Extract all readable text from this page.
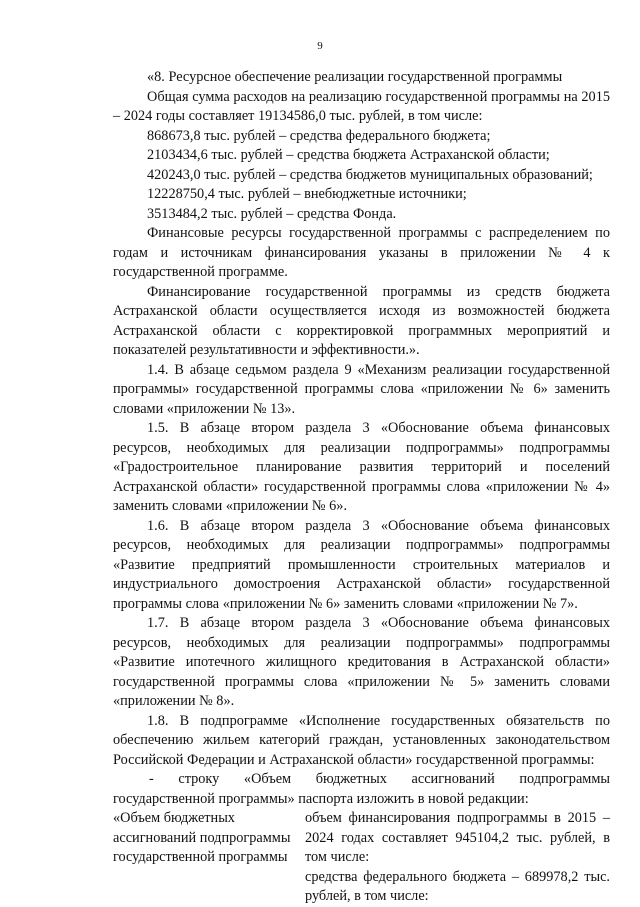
9

«8. Ресурсное обеспечение реализации государственной программы

Общая сумма расходов на реализацию государственной программы на 2015 – 2024 годы составляет 19134586,0 тыс. рублей, в том числе:

868673,8 тыс. рублей – средства федерального бюджета;

2103434,6 тыс. рублей – средства бюджета Астраханской области;

420243,0 тыс. рублей – средства бюджетов муниципальных образований;

12228750,4 тыс. рублей – внебюджетные источники;

3513484,2 тыс. рублей – средства Фонда.

Финансовые ресурсы государственной программы с распределением по годам и источникам финансирования указаны в приложении № 4 к государственной программе.

Финансирование государственной программы из средств бюджета Астраханской области осуществляется исходя из возможностей бюджета Астраханской области с корректировкой программных мероприятий и показателей результативности и эффективности.».

1.4. В абзаце седьмом раздела 9 «Механизм реализации государственной программы» государственной программы слова «приложении № 6» заменить словами «приложении № 13».

1.5. В абзаце втором раздела 3 «Обоснование объема финансовых ресурсов, необходимых для реализации подпрограммы» подпрограммы «Градостроительное планирование развития территорий и поселений Астраханской области» государственной программы слова «приложении № 4» заменить словами «приложении № 6».

1.6. В абзаце втором раздела 3 «Обоснование объема финансовых ресурсов, необходимых для реализации подпрограммы» подпрограммы «Развитие предприятий промышленности строительных материалов и индустриального домостроения Астраханской области» государственной программы слова «приложении № 6» заменить словами «приложении № 7».

1.7. В абзаце втором раздела 3 «Обоснование объема финансовых ресурсов, необходимых для реализации подпрограммы» подпрограммы «Развитие ипотечного жилищного кредитования в Астраханской области» государственной программы слова «приложении № 5» заменить словами «приложении № 8».

1.8. В подпрограмме «Исполнение государственных обязательств по обеспечению жильем категорий граждан, установленных законодательством Российской Федерации и Астраханской области» государственной программы:

- строку «Объем бюджетных ассигнований подпрограммы государственной программы» паспорта изложить в новой редакции:

«Объем бюджетных ассигнований подпрограммы государственной программы

объем финансирования подпрограммы в 2015 – 2024 годах составляет 945104,2 тыс. рублей, в том числе:

средства федерального бюджета – 689978,2 тыс. рублей, в том числе:
